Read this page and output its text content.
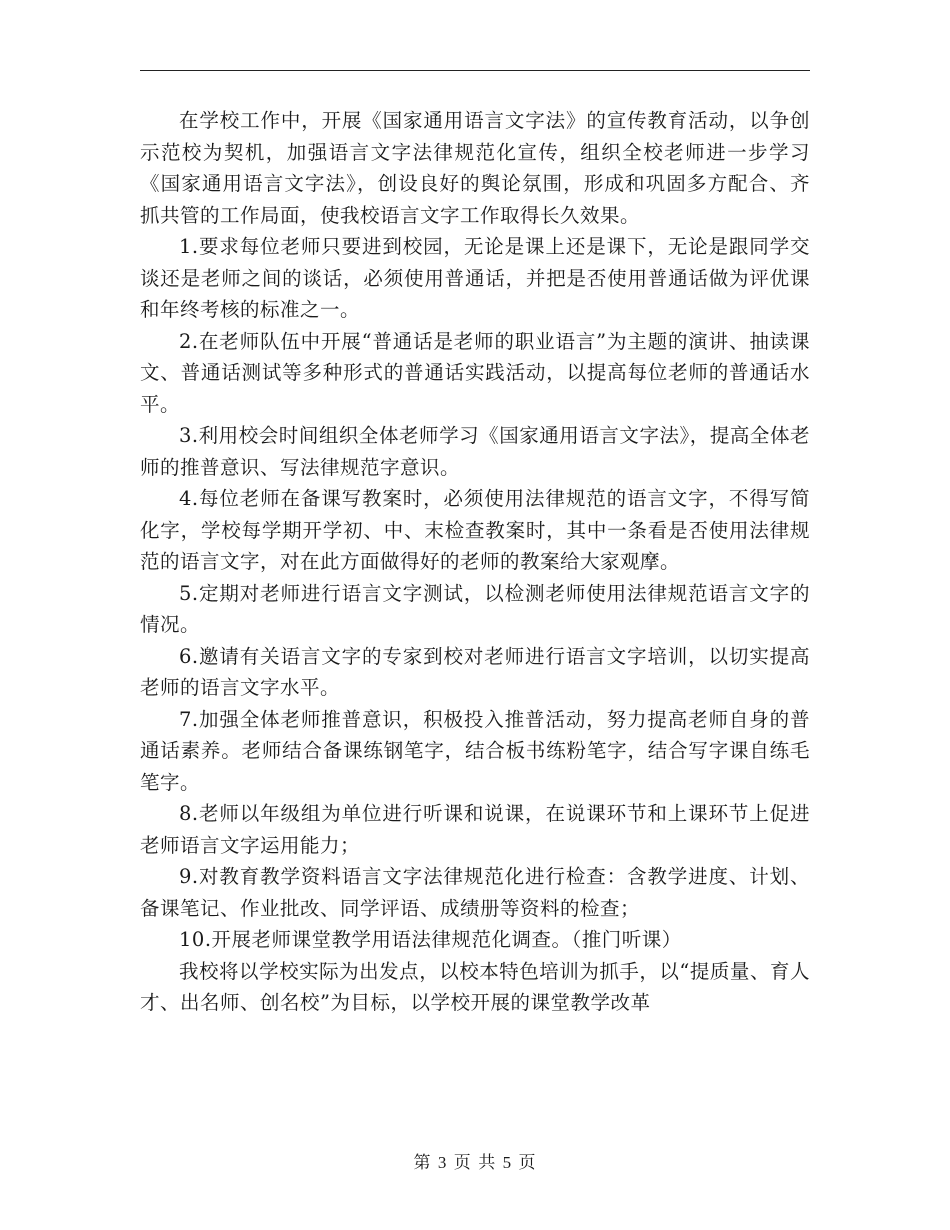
在学校工作中，开展《国家通用语言文字法》的宣传教育活动，以争创示范校为契机，加强语言文字法律规范化宣传，组织全校老师进一步学习《国家通用语言文字法》，创设良好的舆论氛围，形成和巩固多方配合、齐抓共管的工作局面，使我校语言文字工作取得长久效果。

1.要求每位老师只要进到校园，无论是课上还是课下，无论是跟同学交谈还是老师之间的谈话，必须使用普通话，并把是否使用普通话做为评优课和年终考核的标准之一。

2.在老师队伍中开展“普通话是老师的职业语言”为主题的演讲、抽读课文、普通话测试等多种形式的普通话实践活动，以提高每位老师的普通话水平。

3.利用校会时间组织全体老师学习《国家通用语言文字法》，提高全体老师的推普意识、写法律规范字意识。

4.每位老师在备课写教案时，必须使用法律规范的语言文字，不得写简化字，学校每学期开学初、中、末检查教案时，其中一条看是否使用法律规范的语言文字，对在此方面做得好的老师的教案给大家观摩。

5.定期对老师进行语言文字测试，以检测老师使用法律规范语言文字的情况。

6.邀请有关语言文字的专家到校对老师进行语言文字培训，以切实提高老师的语言文字水平。

7.加强全体老师推普意识，积极投入推普活动，努力提高老师自身的普通话素养。老师结合备课练钢笔字，结合板书练粉笔字，结合写字课自练毛笔字。

8.老师以年级组为单位进行听课和说课，在说课环节和上课环节上促进老师语言文字运用能力；

9.对教育教学资料语言文字法律规范化进行检查：含教学进度、计划、备课笔记、作业批改、同学评语、成绩册等资料的检查；

10.开展老师课堂教学用语法律规范化调查。（推门听课）

我校将以学校实际为出发点，以校本特色培训为抓手，以“提质量、育人才、出名师、创名校”为目标，以学校开展的课堂教学改革

第 3 页 共 5 页
